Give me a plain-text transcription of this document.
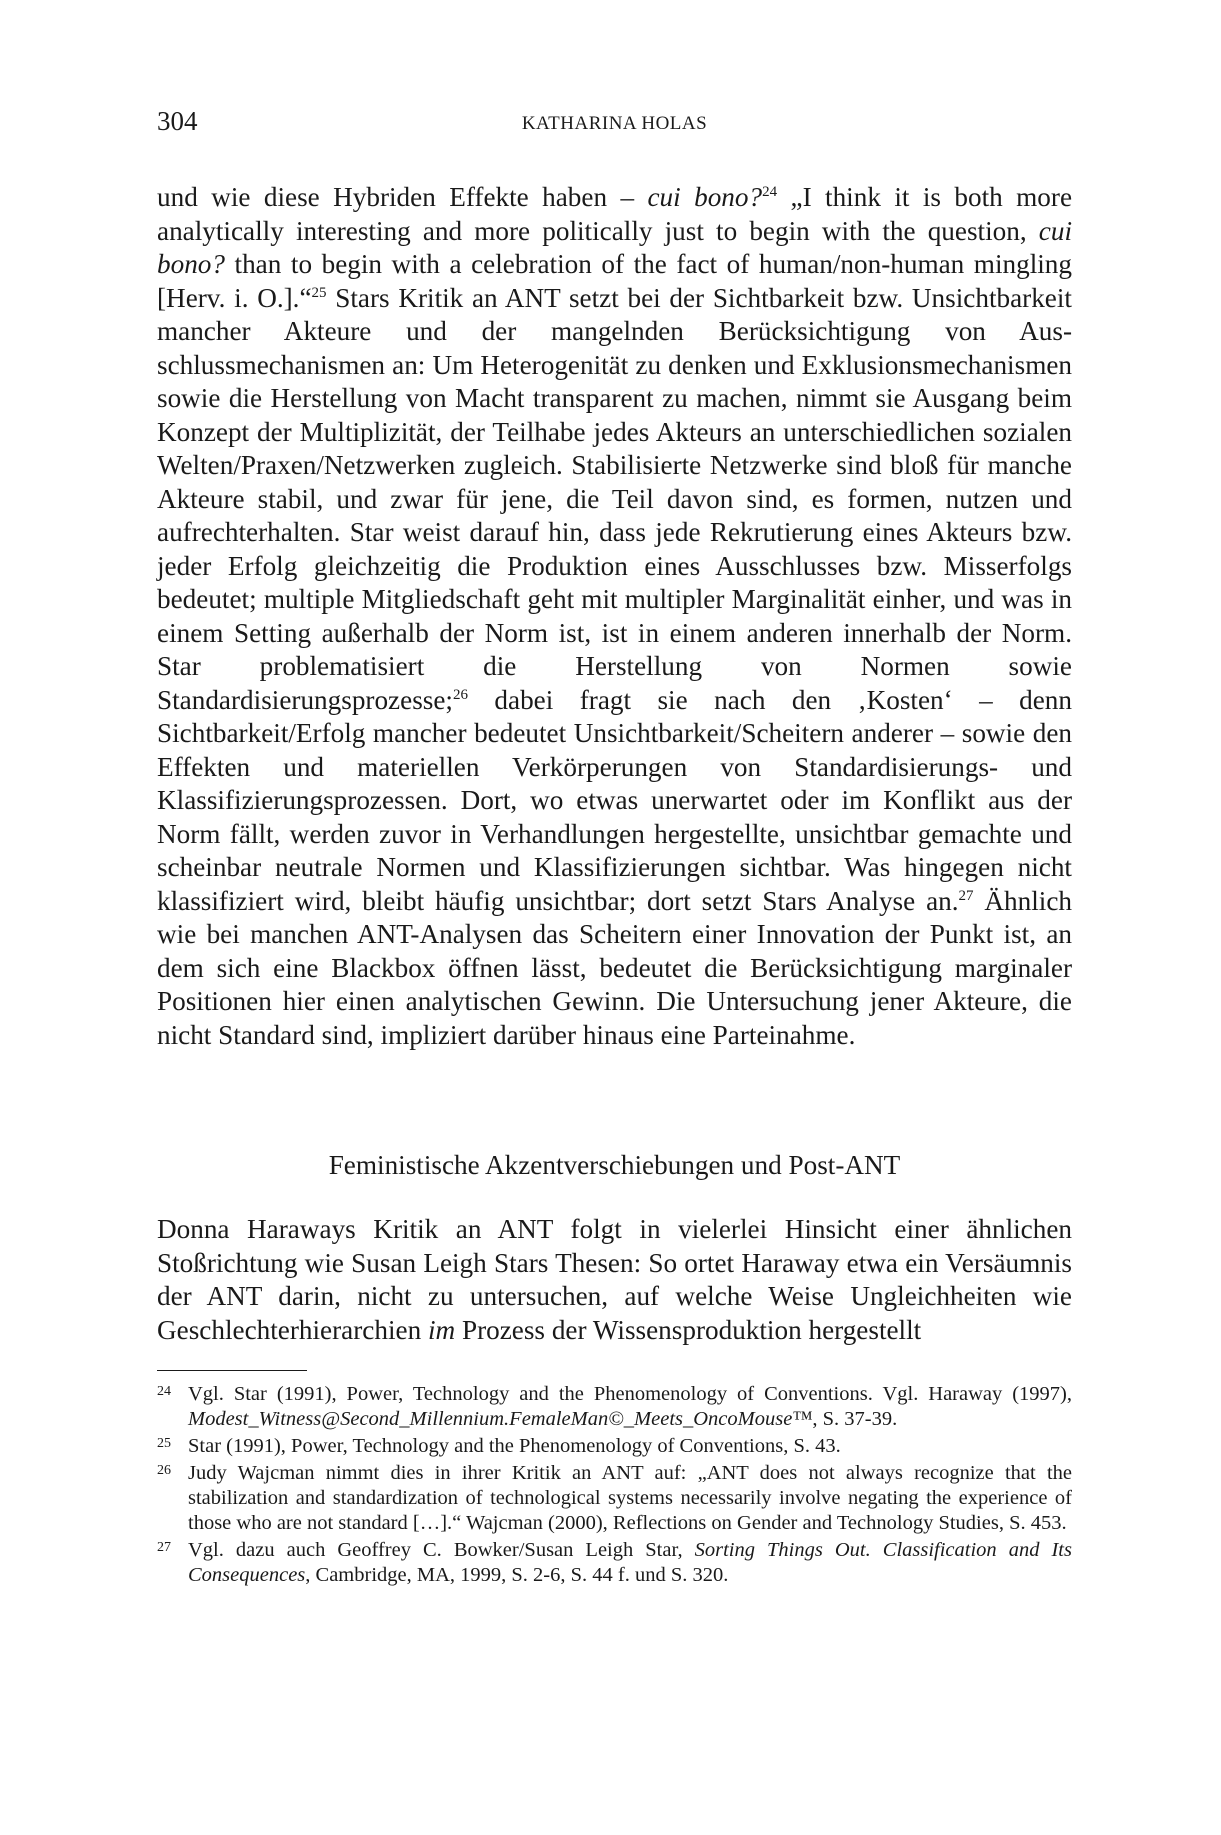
304	KATHARINA HOLAS

und wie diese Hybriden Effekte haben – cui bono?$^{24}$ „I think it is both more analytically interesting and more politically just to begin with the question, cui bono? than to begin with a celebration of the fact of human/non-human mingling [Herv. i. O.].“$^{25}$ Stars Kritik an ANT setzt bei der Sichtbarkeit bzw. Unsichtbarkeit mancher Akteure und der mangelnden Berücksichtigung von Ausschlussmechanismen an: Um Heterogenität zu denken und Exklusionsmechanismen sowie die Herstellung von Macht transparent zu machen, nimmt sie Ausgang beim Konzept der Multiplizität, der Teilhabe jedes Akteurs an unterschiedlichen sozialen Welten/Praxen/Netzwerken zugleich. Stabilisierte Netzwerke sind bloß für manche Akteure stabil, und zwar für jene, die Teil davon sind, es formen, nutzen und aufrechterhalten. Star weist darauf hin, dass jede Rekrutierung eines Akteurs bzw. jeder Erfolg gleichzeitig die Produktion eines Ausschlusses bzw. Misserfolgs bedeutet; multiple Mitgliedschaft geht mit multipler Marginalität einher, und was in einem Setting außerhalb der Norm ist, ist in einem anderen innerhalb der Norm. Star problematisiert die Herstellung von Normen sowie Standardisierungsprozesse;$^{26}$ dabei fragt sie nach den ‚Kosten‘ – denn Sichtbarkeit/Erfolg mancher bedeutet Unsichtbarkeit/Scheitern anderer – sowie den Effekten und materiellen Verkörperungen von Standardisierungs- und Klassifizierungsprozessen. Dort, wo etwas unerwartet oder im Konflikt aus der Norm fällt, werden zuvor in Verhandlungen hergestellte, unsichtbar gemachte und scheinbar neutrale Normen und Klassifizierungen sichtbar. Was hingegen nicht klassifiziert wird, bleibt häufig unsichtbar; dort setzt Stars Analyse an.$^{27}$ Ähnlich wie bei manchen ANT-Analysen das Scheitern einer Innovation der Punkt ist, an dem sich eine Blackbox öffnen lässt, bedeutet die Berücksichtigung marginaler Positionen hier einen analytischen Gewinn. Die Untersuchung jener Akteure, die nicht Standard sind, impliziert darüber hinaus eine Parteinahme.

Feministische Akzentverschiebungen und Post-ANT

Donna Haraways Kritik an ANT folgt in vielerlei Hinsicht einer ähnlichen Stoßrichtung wie Susan Leigh Stars Thesen: So ortet Haraway etwa ein Versäumnis der ANT darin, nicht zu untersuchen, auf welche Weise Ungleichheiten wie Geschlechterhierarchien im Prozess der Wissensproduktion hergestellt

24 Vgl. Star (1991), Power, Technology and the Phenomenology of Conventions. Vgl. Haraway (1997), Modest_Witness@Second_Millennium.FemaleMan©_Meets_OncoMouse™, S. 37-39.
25 Star (1991), Power, Technology and the Phenomenology of Conventions, S. 43.
26 Judy Wajcman nimmt dies in ihrer Kritik an ANT auf: „ANT does not always recognize that the stabilization and standardization of technological systems necessarily involve negating the experience of those who are not standard […].“ Wajcman (2000), Reflections on Gender and Technology Studies, S. 453.
27 Vgl. dazu auch Geoffrey C. Bowker/Susan Leigh Star, Sorting Things Out. Classification and Its Consequences, Cambridge, MA, 1999, S. 2-6, S. 44 f. und S. 320.
